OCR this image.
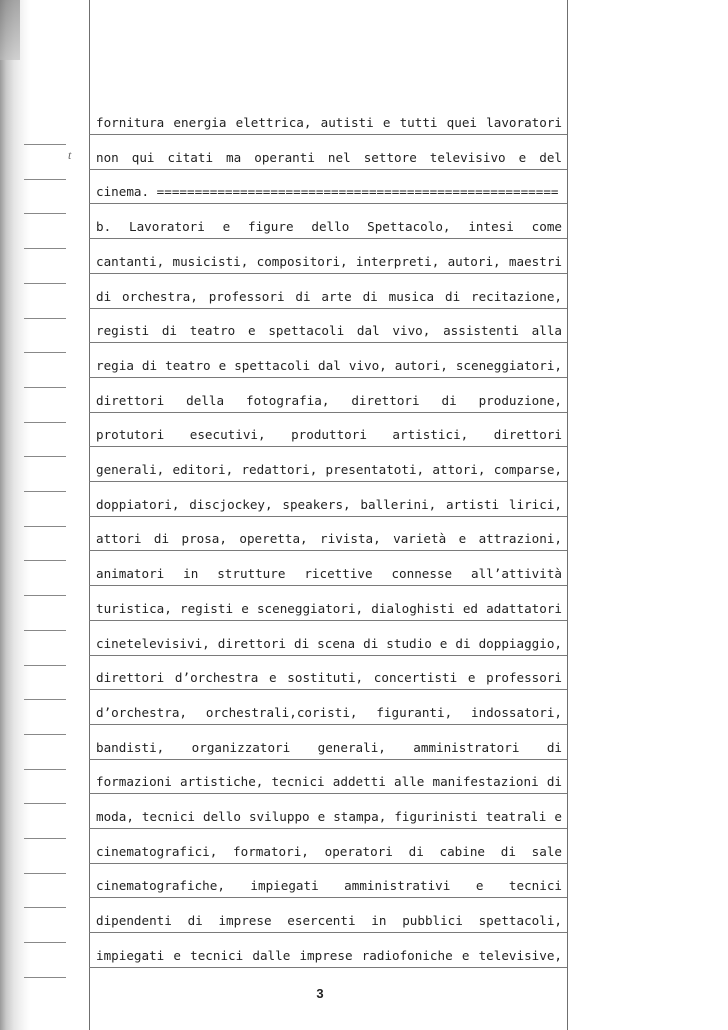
fornitura energia elettrica, autisti e tutti quei lavoratori
non qui citati ma operanti nel settore televisivo e del
cinema. =====================================================
b. Lavoratori e figure dello Spettacolo, intesi come
cantanti, musicisti, compositori, interpreti, autori, maestri
di orchestra, professori di arte di musica di recitazione,
registi di teatro e spettacoli dal vivo, assistenti alla
regia di teatro e spettacoli dal vivo, autori, sceneggiatori,
direttori della fotografia, direttori di produzione,
protutori esecutivi, produttori artistici, direttori
generali, editori, redattori, presentatoti, attori, comparse,
doppiatori, discjockey, speakers, ballerini, artisti lirici,
attori di prosa, operetta, rivista, varietà e attrazioni,
animatori in strutture ricettive connesse all’attività
turistica, registi e sceneggiatori, dialoghisti ed adattatori
cinetelevisivi, direttori di scena di studio e di doppiaggio,
direttori d’orchestra e sostituti, concertisti e professori
d’orchestra, orchestrali,coristi, figuranti, indossatori,
bandisti, organizzatori generali, amministratori di
formazioni artistiche, tecnici addetti alle manifestazioni di
moda, tecnici dello sviluppo e stampa, figurinisti teatrali e
cinematografici, formatori, operatori di cabine di sale
cinematografiche, impiegati amministrativi e tecnici
dipendenti di imprese esercenti in pubblici spettacoli,
impiegati e tecnici dalle imprese radiofoniche e televisive,
t
3
